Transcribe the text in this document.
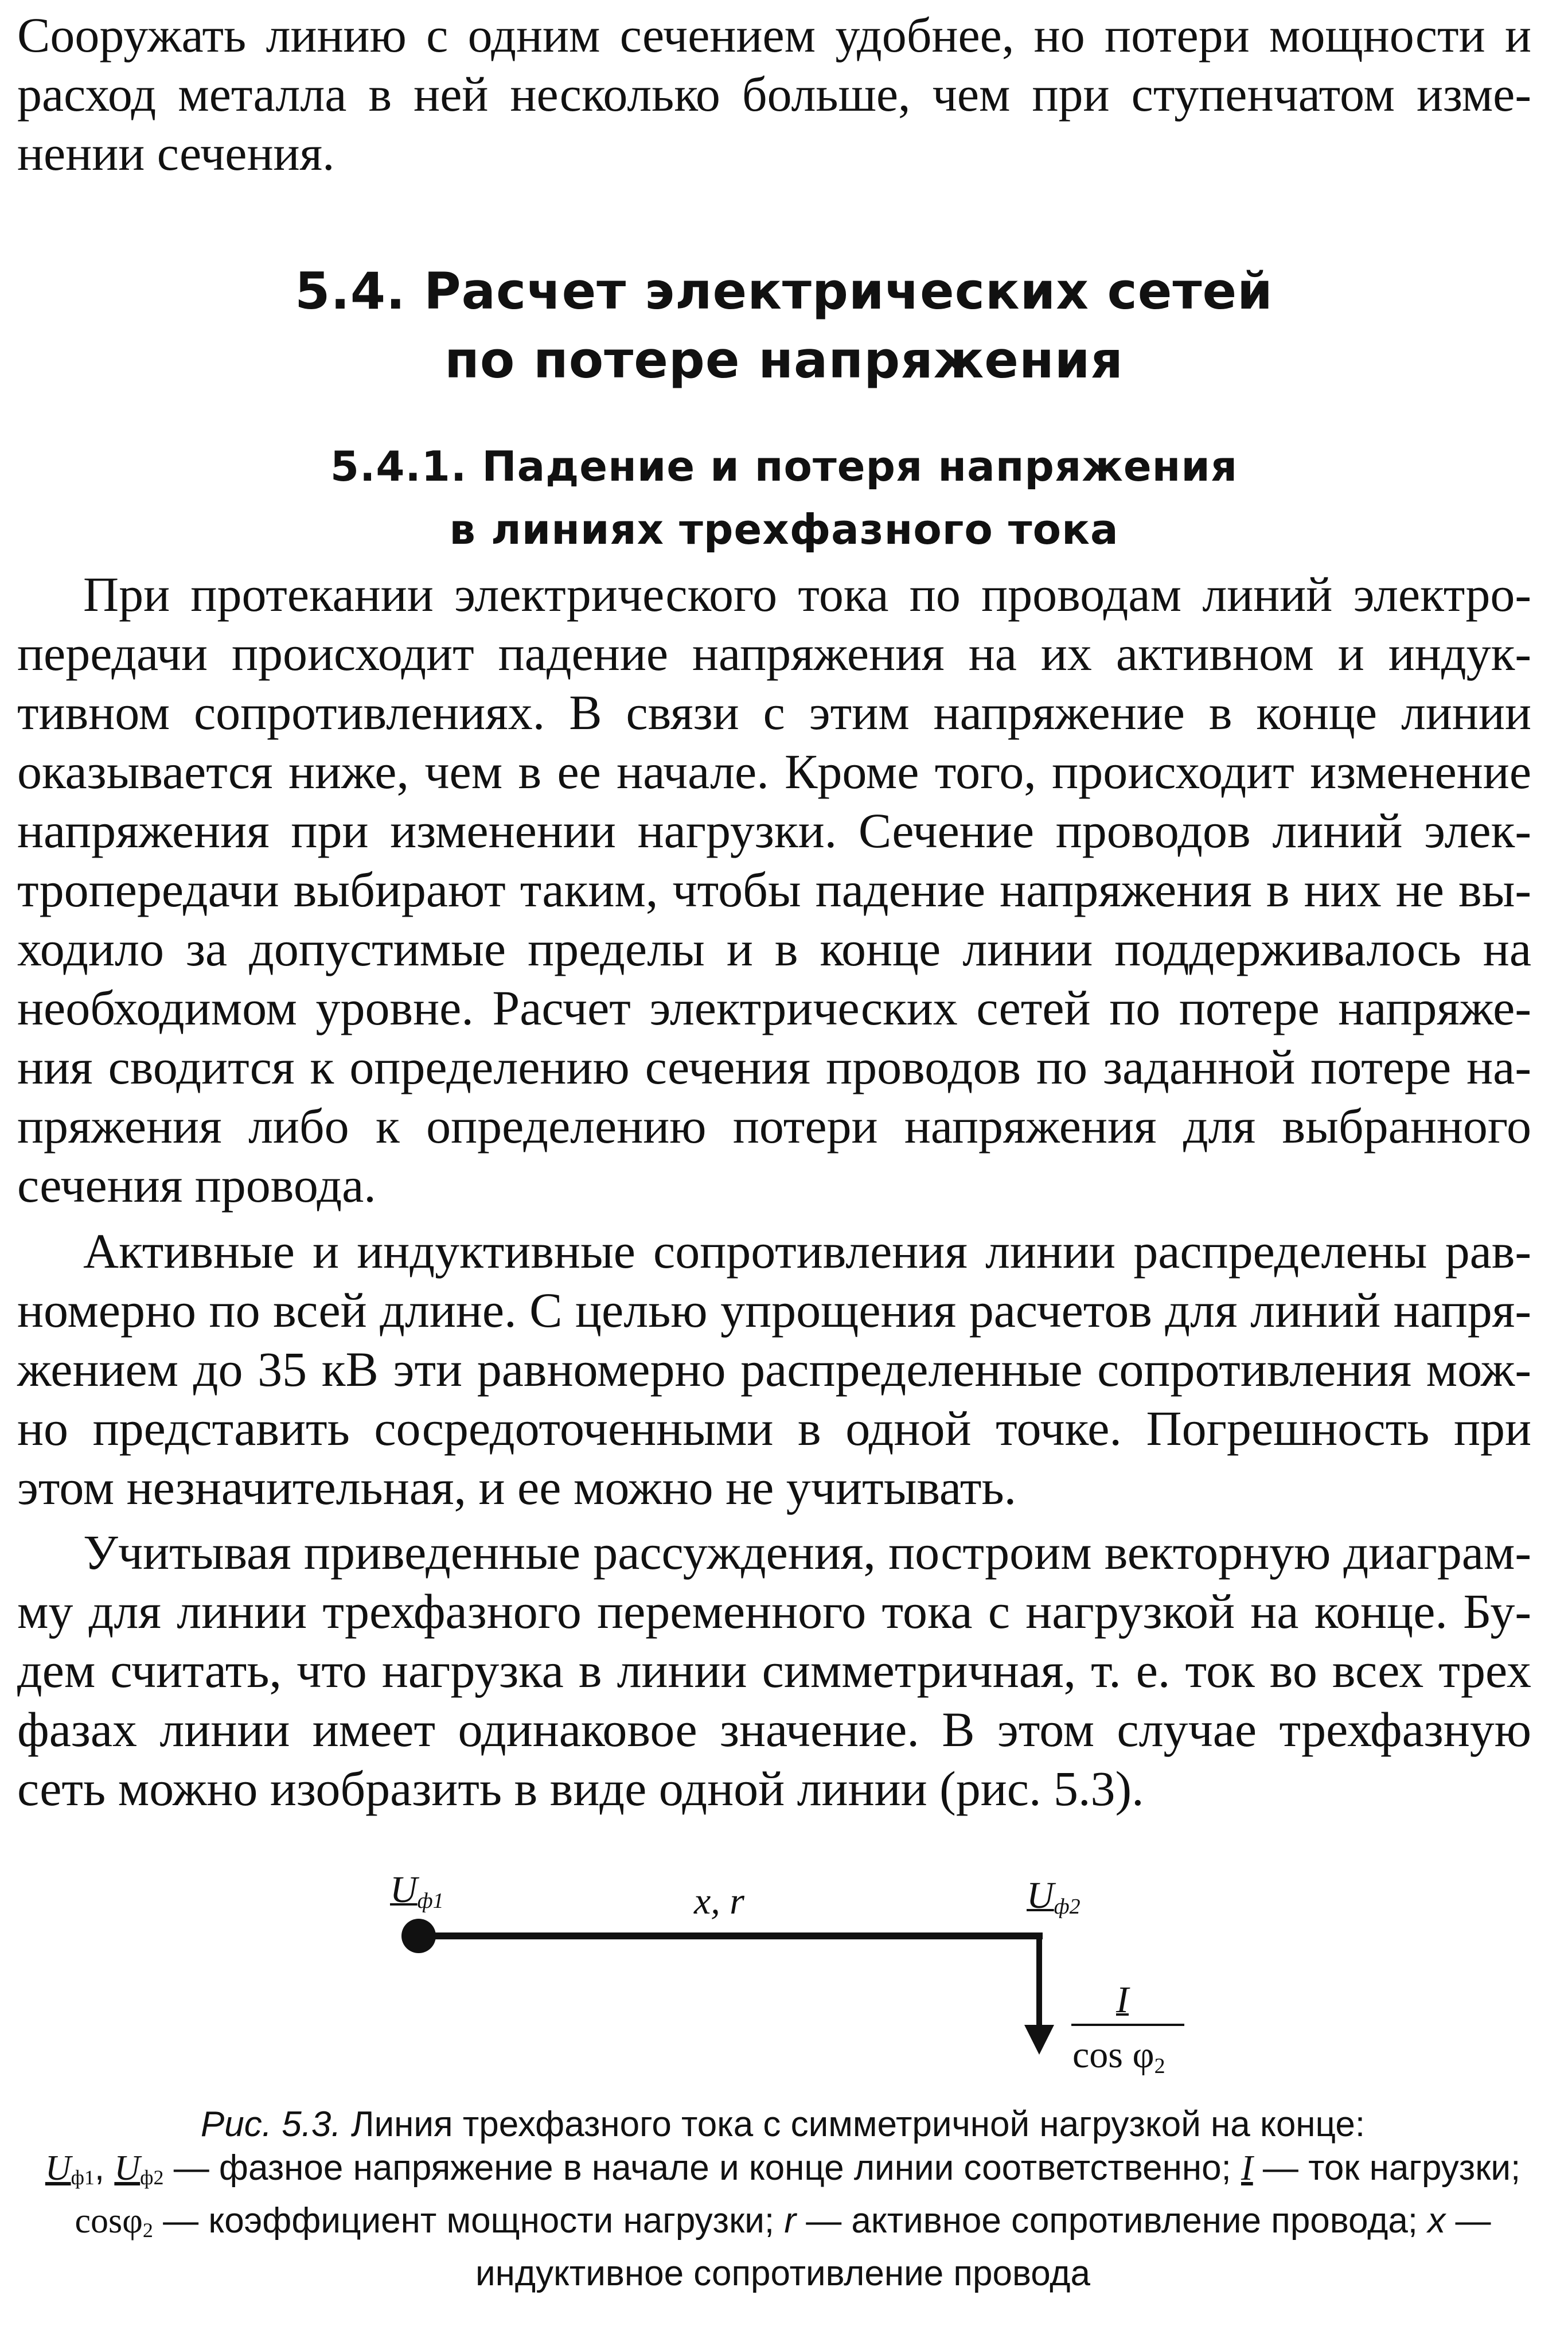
Сооружать линию с одним сечением удобнее, но потери мощности и расход металла в ней несколько больше, чем при ступенчатом изменении сечения.

5.4. Расчет электрических сетей
по потере напряжения
5.4.1. Падение и потеря напряжения
в линиях трехфазного тока

При протекании электрического тока по проводам линий электропередачи происходит падение напряжения на их активном и индуктивном сопротивлениях. В связи с этим напряжение в конце линии оказывается ниже, чем в ее начале. Кроме того, происходит изменение напряжения при изменении нагрузки. Сечение проводов линий электропередачи выбирают таким, чтобы падение напряжения в них не выходило за допустимые пределы и в конце линии поддерживалось на необходимом уровне. Расчет электрических сетей по потере напряжения сводится к определению сечения проводов по заданной потере напряжения либо к определению потери напряжения для выбранного сечения провода.

Активные и индуктивные сопротивления линии распределены равномерно по всей длине. С целью упрощения расчетов для линий напряжением до 35 кВ эти равномерно распределенные сопротивления можно представить сосредоточенными в одной точке. Погрешность при этом незначительная, и ее можно не учитывать.

Учитывая приведенные рассуждения, построим векторную диаграмму для линии трехфазного переменного тока с нагрузкой на конце. Будем считать, что нагрузка в линии симметричная, т. е. ток во всех трех фазах линии имеет одинаковое значение. В этом случае трехфазную сеть можно изобразить в виде одной линии (рис. 5.3).

$U_{ф1}$	x, r	$U_{ф2}$
I
$\cos \varphi_2$

Рис. 5.3. Линия трехфазного тока с симметричной нагрузкой на конце:
$U_{ф1}$, $U_{ф2}$ — фазное напряжение в начале и конце линии соответственно; I — ток нагрузки; cosφ$_2$ — коэффициент мощности нагрузки; r — активное сопротивление провода; x — индуктивное сопротивление провода
